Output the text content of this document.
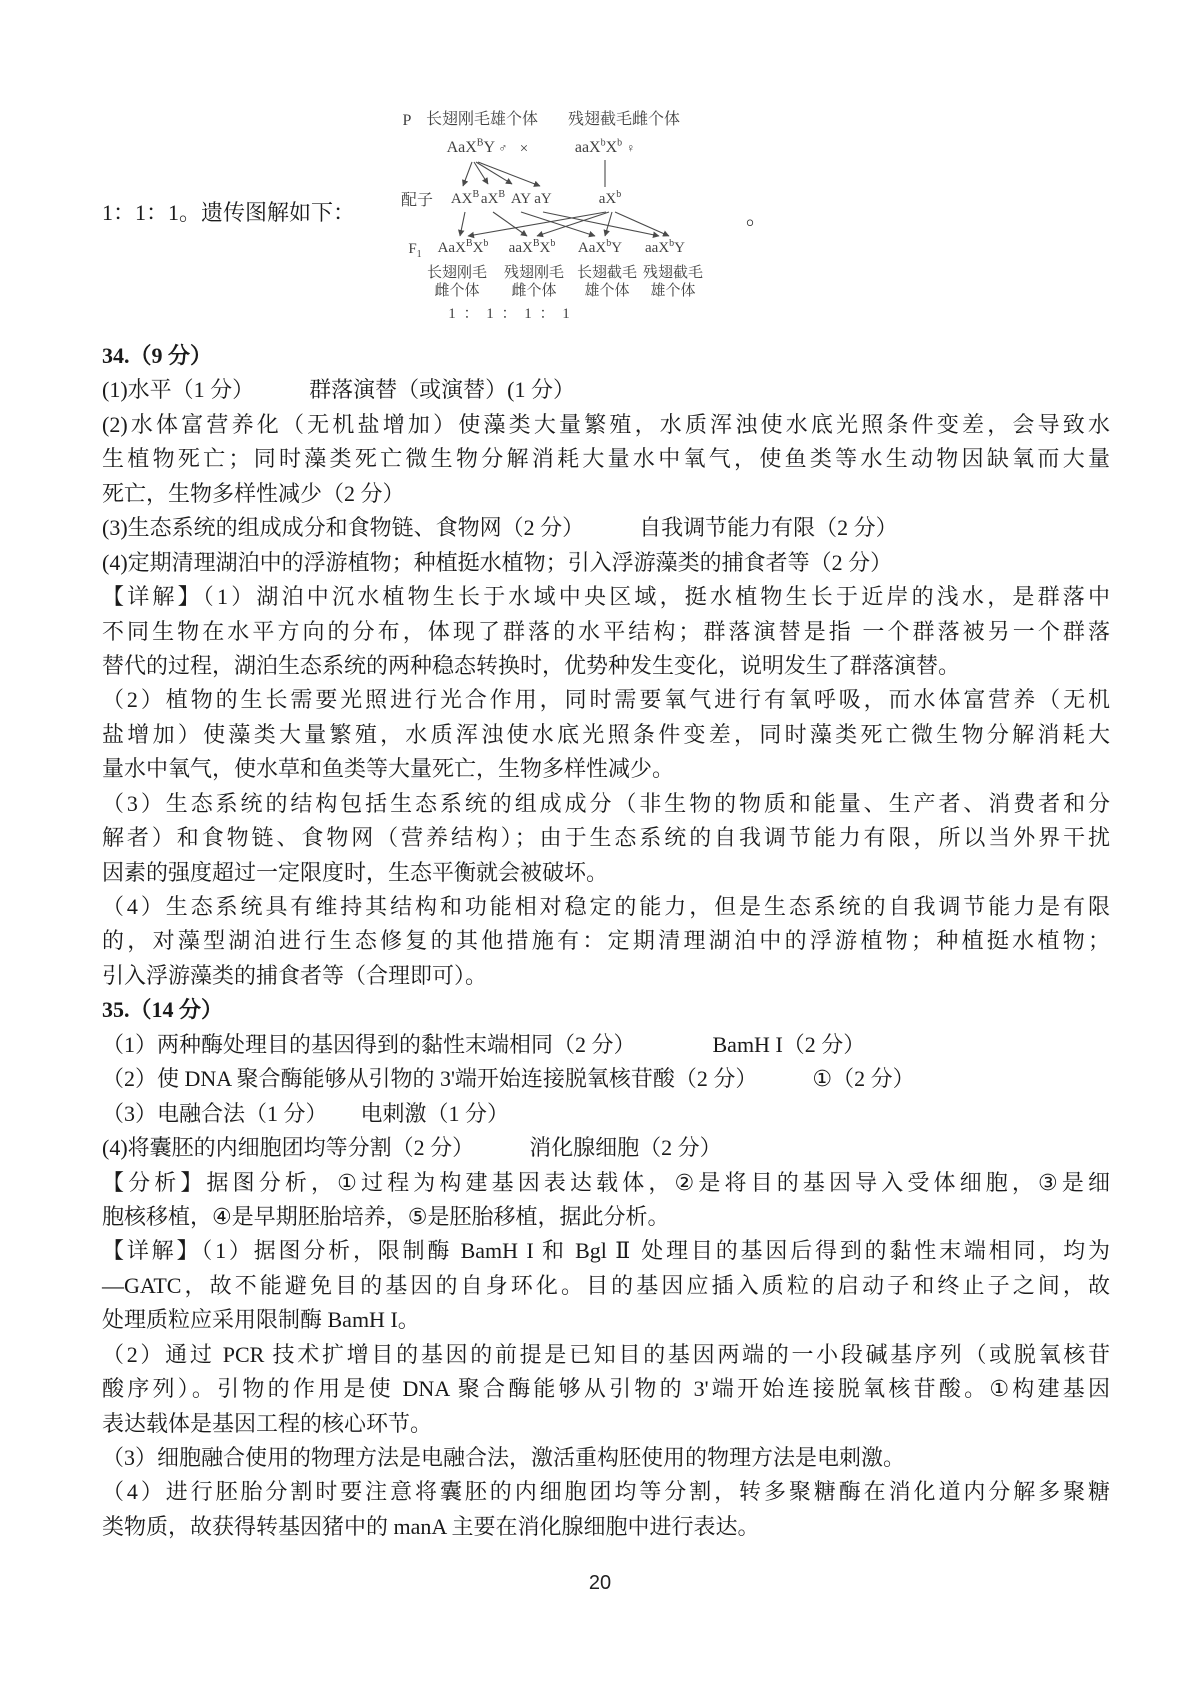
1：1：1。遗传图解如下：	。
P 长翅刚毛雄个体 残翅截毛雌个体
AaX$^B$Y ♂ ×	$aaX^bX^b$ ♀
配子
$F_1$
1 ： 1 ： 1 ： 1
$AX^B$ $aX^B$ AY aY	$aX^b$
$AaX^BX^b$ $aaX^BX^b$ AaX$^b$Y aaX$^b$Y
长翅刚毛 残翅刚毛 长翅截毛 残翅截毛
雌个体 雌个体 雄个体 雄个体
34.（9 分）
(1)水平（1 分）　　　群落演替（或演替）(1 分）
(2)水体富营养化（无机盐增加）使藻类大量繁殖，水质浑浊使水底光照条件变差，会导致水
生植物死亡；同时藻类死亡微生物分解消耗大量水中氧气，使鱼类等水生动物因缺氧而大量
死亡，生物多样性减少（2 分）
(3)生态系统的组成成分和食物链、食物网（2 分）　　　自我调节能力有限（2 分）
(4)定期清理湖泊中的浮游植物；种植挺水植物；引入浮游藻类的捕食者等（2 分）
【详解】（1）湖泊中沉水植物生长于水域中央区域，挺水植物生长于近岸的浅水，是群落中
不同生物在水平方向的分布，体现了群落的水平结构；群落演替是指 一个群落被另一个群落
替代的过程，湖泊生态系统的两种稳态转换时，优势种发生变化，说明发生了群落演替。
（2）植物的生长需要光照进行光合作用，同时需要氧气进行有氧呼吸，而水体富营养（无机
盐增加）使藻类大量繁殖，水质浑浊使水底光照条件变差，同时藻类死亡微生物分解消耗大
量水中氧气，使水草和鱼类等大量死亡，生物多样性减少。
（3）生态系统的结构包括生态系统的组成成分（非生物的物质和能量、生产者、消费者和分
解者）和食物链、食物网（营养结构）；由于生态系统的自我调节能力有限，所以当外界干扰
因素的强度超过一定限度时，生态平衡就会被破坏。
（4）生态系统具有维持其结构和功能相对稳定的能力，但是生态系统的自我调节能力是有限
的，对藻型湖泊进行生态修复的其他措施有：定期清理湖泊中的浮游植物；种植挺水植物；
引入浮游藻类的捕食者等（合理即可）。
35.（14 分）
（1）两种酶处理目的基因得到的黏性末端相同（2 分）　　　　BamH I（2 分）
（2）使 DNA 聚合酶能够从引物的 3'端开始连接脱氧核苷酸（2 分）　　　①（2 分）
（3）电融合法（1 分）　　电刺激（1 分）
(4)将囊胚的内细胞团均等分割（2 分）　　　消化腺细胞（2 分）
【分析】据图分析，①过程为构建基因表达载体，②是将目的基因导入受体细胞，③是细
胞核移植，④是早期胚胎培养，⑤是胚胎移植，据此分析。
【详解】（1）据图分析，限制酶 BamH I 和 Bgl Ⅱ 处理目的基因后得到的黏性末端相同，均为
—GATC，故不能避免目的基因的自身环化。目的基因应插入质粒的启动子和终止子之间，故
处理质粒应采用限制酶 BamH I。
（2）通过 PCR 技术扩增目的基因的前提是已知目的基因两端的一小段碱基序列（或脱氧核苷
酸序列）。引物的作用是使 DNA 聚合酶能够从引物的 3'端开始连接脱氧核苷酸。①构建基因
表达载体是基因工程的核心环节。
（3）细胞融合使用的物理方法是电融合法，激活重构胚使用的物理方法是电刺激。
（4）进行胚胎分割时要注意将囊胚的内细胞团均等分割，转多聚糖酶在消化道内分解多聚糖
类物质，故获得转基因猪中的 manA 主要在消化腺细胞中进行表达。
20
